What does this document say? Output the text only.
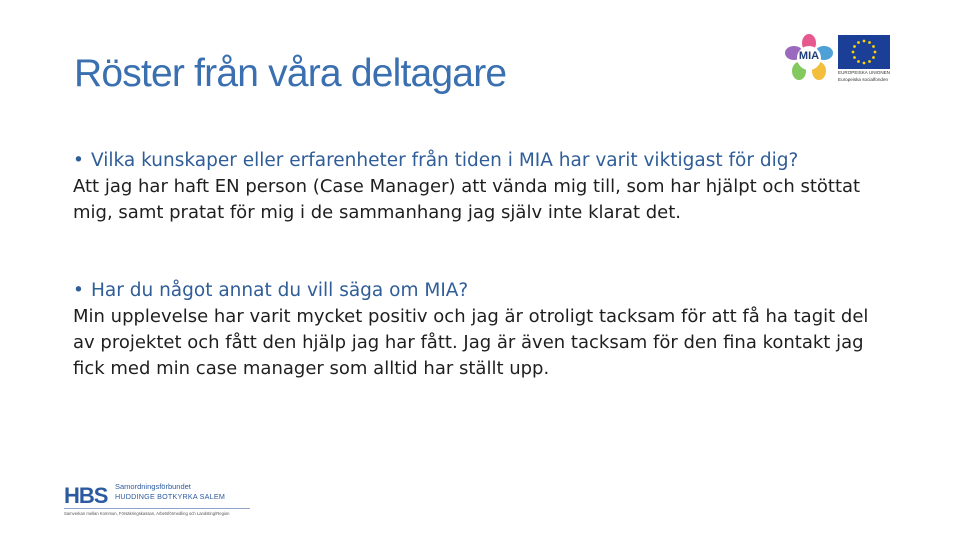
Röster från våra deltagare	MIA
EUROPEISKA UNIONEN
Europeiska socialfonden
• Vilka kunskaper eller erfarenheter från tiden i MIA har varit viktigast för dig?
Att jag har haft EN person (Case Manager) att vända mig till, som har hjälpt och stöttat mig, samt pratat för mig i de sammanhang jag själv inte klarat det.
• Har du något annat du vill säga om MIA?
Min upplevelse har varit mycket positiv och jag är otroligt tacksam för att få ha tagit del av projektet och fått den hjälp jag har fått. Jag är även tacksam för den fina kontakt jag fick med min case manager som alltid har ställt upp.
HBS Samordningsförbundet
HUDDINGE BOTKYRKA SALEM
Samverkan mellan Kommun, Försäkringskassan, Arbetsförmedling och Landsting/Region
